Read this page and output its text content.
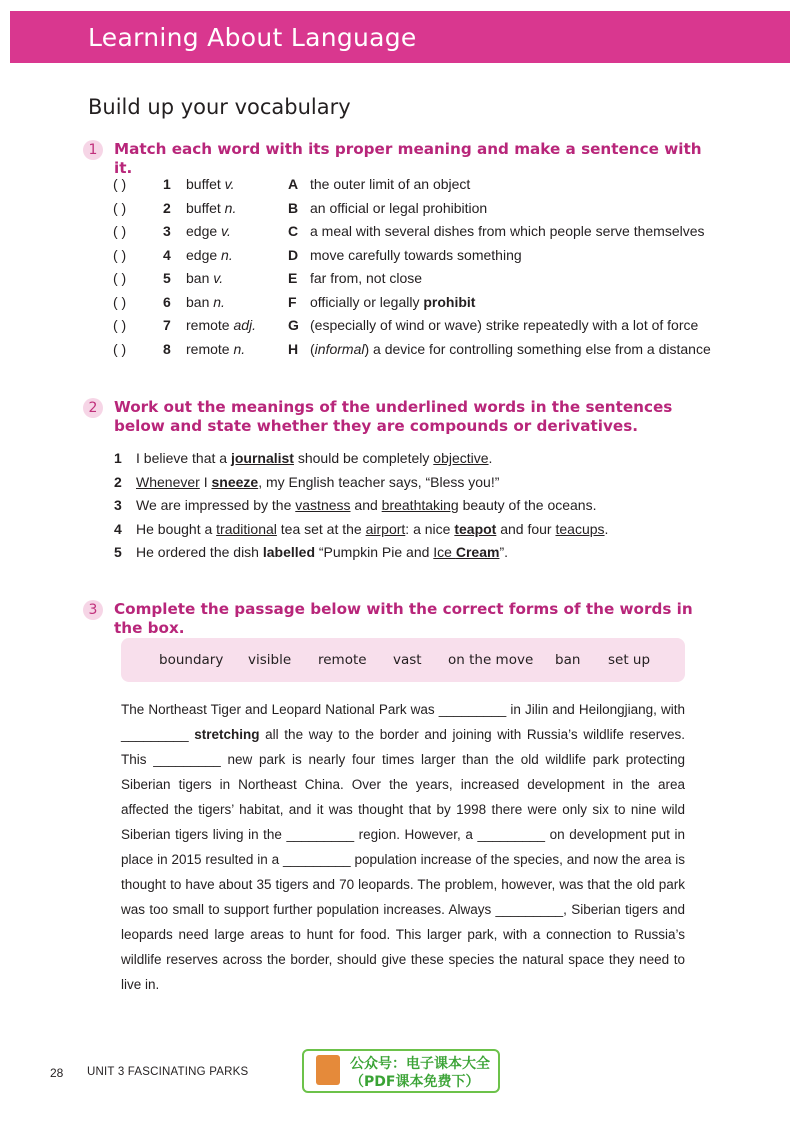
Learning About Language
Build up your vocabulary
1	Match each word with its proper meaning and make a sentence with it.
( )	1 buffet v.	A the outer limit of an object
( )	2 buffet n.	B an official or legal prohibition
( )	3 edge v.	C a meal with several dishes from which people serve themselves
( )	4 edge n.	D move carefully towards something
( )	5 ban v.	E far from, not close
( )	6 ban n.	F officially or legally prohibit
( )	7 remote adj. G (especially of wind or wave) strike repeatedly with a lot of force
( )	8 remote n.	H (informal) a device for controlling something else from a distance
2	Work out the meanings of the underlined words in the sentences below and state whether they are compounds or derivatives.
1 I believe that a journalist should be completely objective.
2 Whenever I sneeze, my English teacher says, “Bless you!”
3 We are impressed by the vastness and breathtaking beauty of the oceans.
4 He bought a traditional tea set at the airport: a nice teapot and four teacups.
5 He ordered the dish labelled “Pumpkin Pie and Ice Cream”.
3	Complete the passage below with the correct forms of the words in the box.
boundary visible remote vast on the move ban set up
The Northeast Tiger and Leopard National Park was _________ in Jilin and Heilongjiang, with _________ stretching all the way to the border and joining with Russia’s wildlife reserves. This _________ new park is nearly four times larger than the old wildlife park protecting Siberian tigers in Northeast China. Over the years, increased development in the area affected the tigers’ habitat, and it was thought that by 1998 there were only six to nine wild Siberian tigers living in the _________ region. However, a _________ on development put in place in 2015 resulted in a _________ population increase of the species, and now the area is thought to have about 35 tigers and 70 leopards. The problem, however, was that the old park was too small to support further population increases. Always _________, Siberian tigers and leopards need large areas to hunt for food. This larger park, with a connection to Russia’s wildlife reserves across the border, should give these species the natural space they need to live in.
28 UNIT 3 FASCINATING PARKS	公众号：电子课本大全
（PDF课本免费下）
